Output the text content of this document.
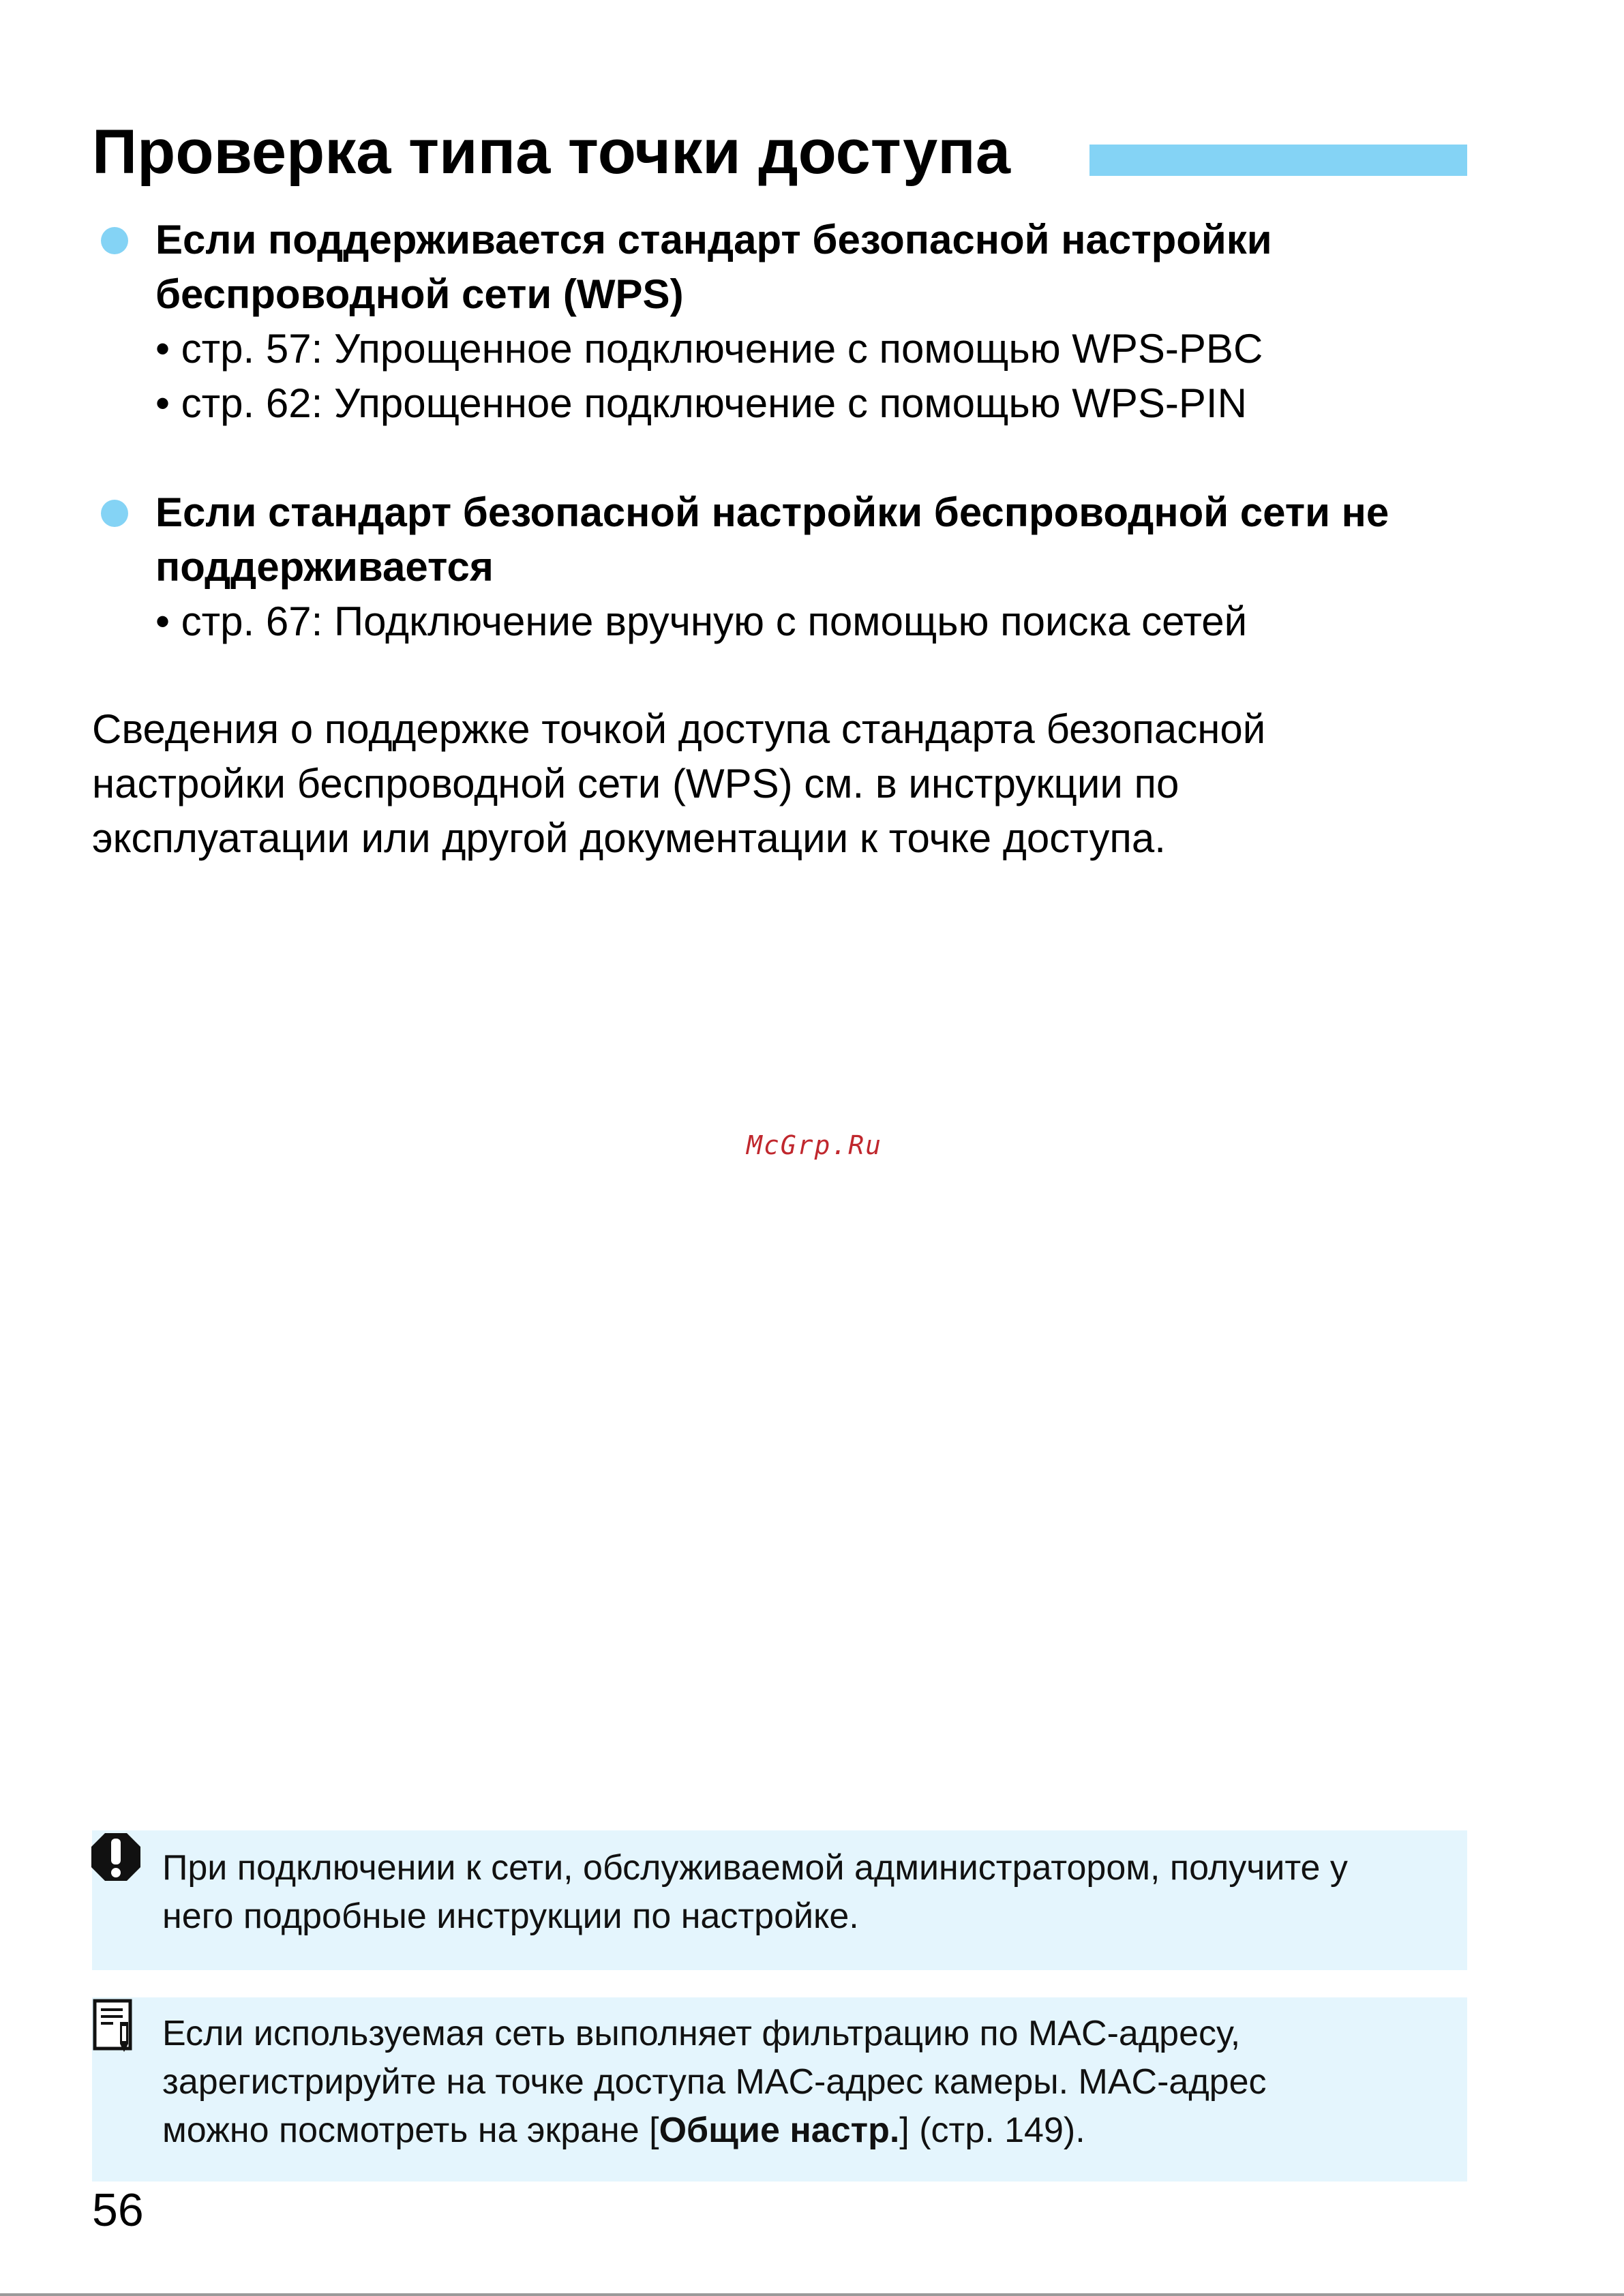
Проверка типа точки доступа
Если поддерживается стандарт безопасной настройки
беспроводной сети (WPS)
• стр. 57: Упрощенное подключение с помощью WPS-PBC
• стр. 62: Упрощенное подключение с помощью WPS-PIN
Если стандарт безопасной настройки беспроводной сети не
поддерживается
• стр. 67: Подключение вручную с помощью поиска сетей
Сведения о поддержке точкой доступа стандарта безопасной
настройки беспроводной сети (WPS) см. в инструкции по
эксплуатации или другой документации к точке доступа.
McGrp.Ru
При подключении к сети, обслуживаемой администратором, получите у
него подробные инструкции по настройке.
Если используемая сеть выполняет фильтрацию по MAC-адресу,
зарегистрируйте на точке доступа MAC-адрес камеры. MAC-адрес
можно посмотреть на экране [Общие настр.] (стр. 149).
56
